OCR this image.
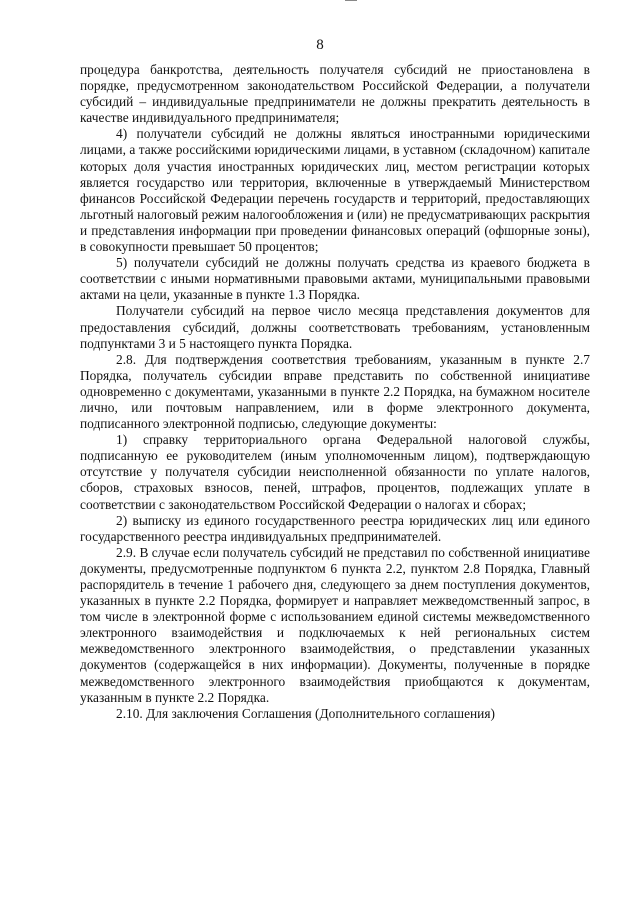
8

процедура банкротства, деятельность получателя субсидий не приостановлена в порядке, предусмотренном законодательством Российской Федерации, а получатели субсидий – индивидуальные предприниматели не должны прекратить деятельность в качестве индивидуального предпринимателя;

4) получатели субсидий не должны являться иностранными юридическими лицами, а также российскими юридическими лицами, в уставном (складочном) капитале которых доля участия иностранных юридических лиц, местом регистрации которых является государство или территория, включенные в утверждаемый Министерством финансов Российской Федерации перечень государств и территорий, предоставляющих льготный налоговый режим налогообложения и (или) не предусматривающих раскрытия и представления информации при проведении финансовых операций (офшорные зоны), в совокупности превышает 50 процентов;

5) получатели субсидий не должны получать средства из краевого бюджета в соответствии с иными нормативными правовыми актами, муниципальными правовыми актами на цели, указанные в пункте 1.3 Порядка.

Получатели субсидий на первое число месяца представления документов для предоставления субсидий, должны соответствовать требованиям, установленным подпунктами 3 и 5 настоящего пункта Порядка.

2.8. Для подтверждения соответствия требованиям, указанным в пункте 2.7 Порядка, получатель субсидии вправе представить по собственной инициативе одновременно с документами, указанными в пункте 2.2 Порядка, на бумажном носителе лично, или почтовым направлением, или в форме электронного документа, подписанного электронной подписью, следующие документы:

1) справку территориального органа Федеральной налоговой службы, подписанную ее руководителем (иным уполномоченным лицом), подтверждающую отсутствие у получателя субсидии неисполненной обязанности по уплате налогов, сборов, страховых взносов, пеней, штрафов, процентов, подлежащих уплате в соответствии с законодательством Российской Федерации о налогах и сборах;

2) выписку из единого государственного реестра юридических лиц или единого государственного реестра индивидуальных предпринимателей.

2.9. В случае если получатель субсидий не представил по собственной инициативе документы, предусмотренные подпунктом 6 пункта 2.2, пунктом 2.8 Порядка, Главный распорядитель в течение 1 рабочего дня, следующего за днем поступления документов, указанных в пункте 2.2 Порядка, формирует и направляет межведомственный запрос, в том числе в электронной форме с использованием единой системы межведомственного электронного взаимодействия и подключаемых к ней региональных систем межведомственного электронного взаимодействия, о представлении указанных документов (содержащейся в них информации). Документы, полученные в порядке межведомственного электронного взаимодействия приобщаются к документам, указанным в пункте 2.2 Порядка.

2.10. Для заключения Соглашения (Дополнительного соглашения)
